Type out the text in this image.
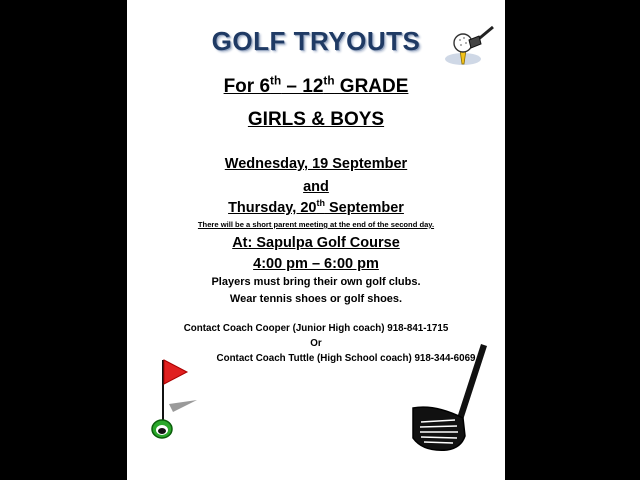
GOLF TRYOUTS
For 6th – 12th GRADE
GIRLS & BOYS
Wednesday, 19 September
and
Thursday, 20th September
There will be a short parent meeting at the end of the second day.
At: Sapulpa Golf Course
4:00 pm – 6:00 pm
Players must bring their own golf clubs.
Wear tennis shoes or golf shoes.
Contact Coach Cooper (Junior High coach) 918-841-1715
Or
Contact Coach Tuttle (High School coach) 918-344-6069
